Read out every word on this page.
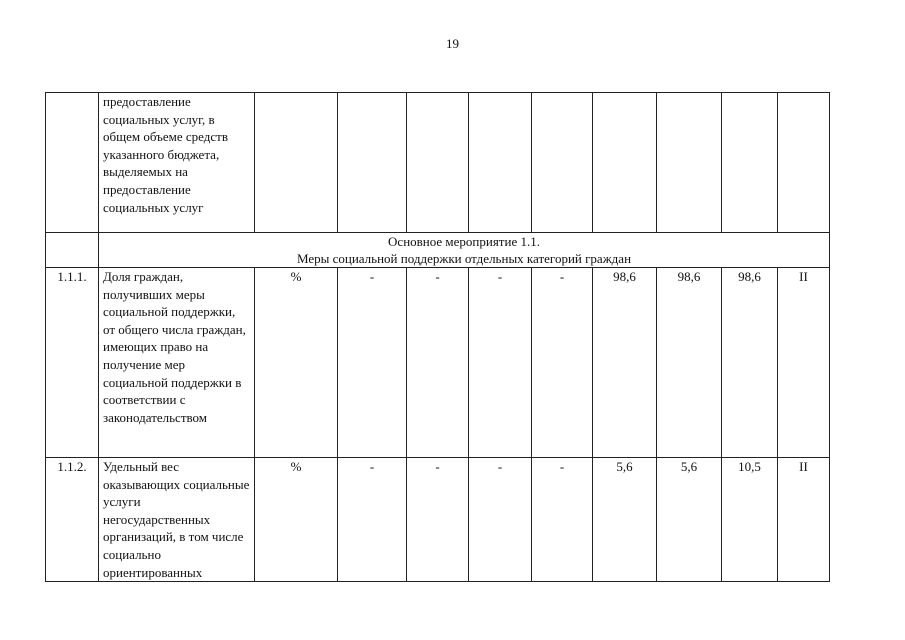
19
	предоставление социальных услуг, в общем объеме средств указанного бюджета, выделяемых на предоставление социальных услуг									

	Основное мероприятие 1.1.
Меры социальной поддержки отдельных категорий граждан									

1.1.1.	Доля граждан, получивших меры социальной поддержки, от общего числа граждан, имеющих право на получение мер социальной поддержки в соответствии с законодательством	%	-	-	-	-	98,6	98,6	98,6	II
1.1.2.	Удельный вес оказывающих социальные услуги негосударственных организаций, в том числе социально ориентированных	%	-	-	-	-	5,6	5,6	10,5	II
